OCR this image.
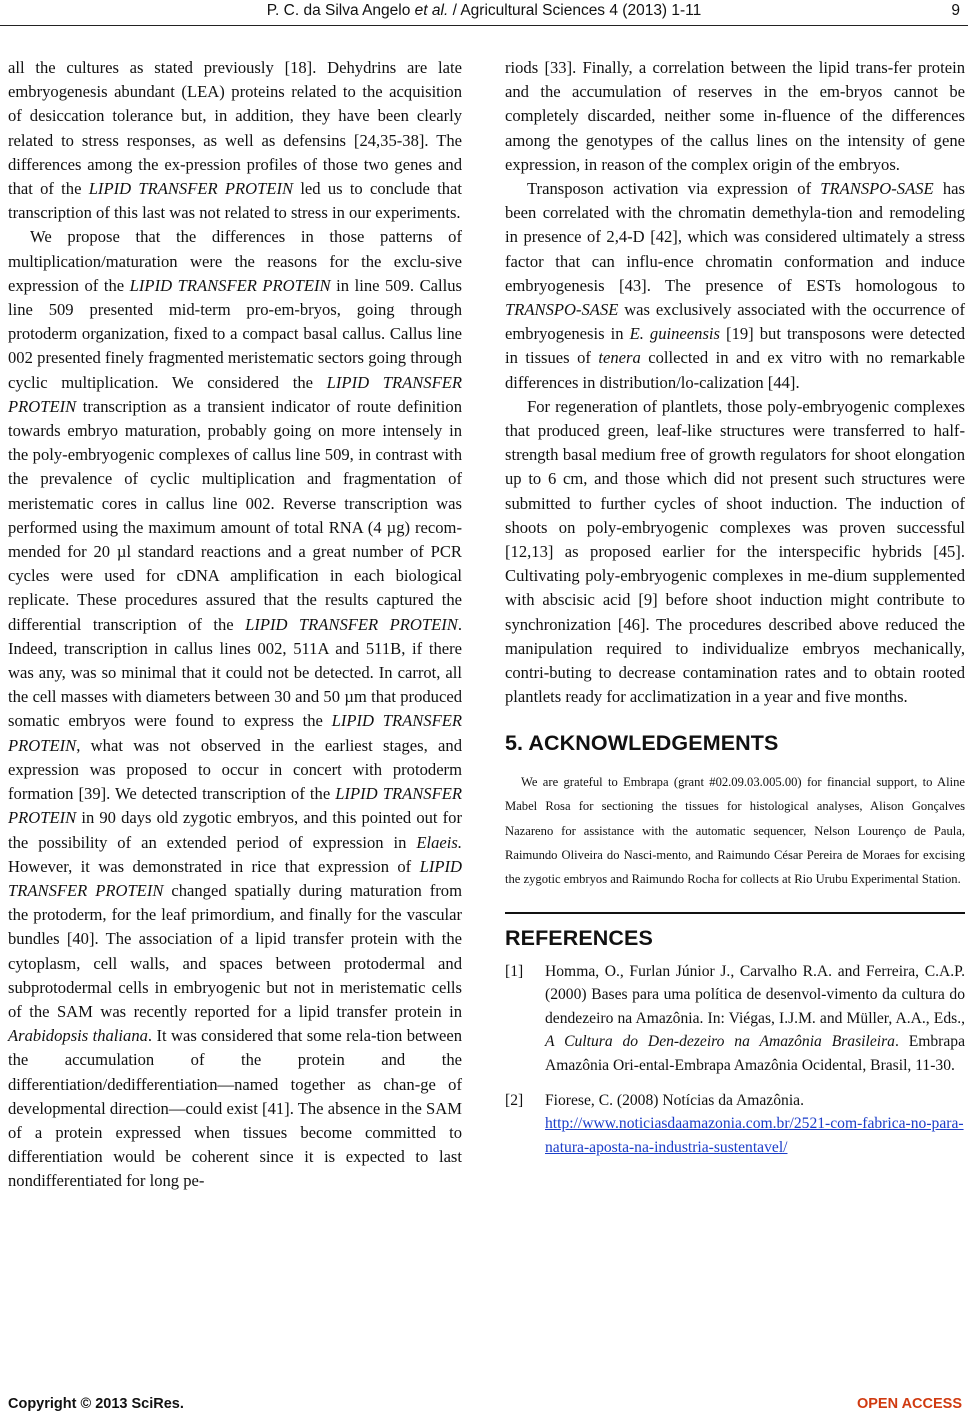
P. C. da Silva Angelo et al. / Agricultural Sciences 4 (2013) 1-11	9

all the cultures as stated previously [18]. Dehydrins are late embryogenesis abundant (LEA) proteins related to the acquisition of desiccation tolerance but, in addition, they have been clearly related to stress responses, as well as defensins [24,35-38]. The differences among the ex-pression profiles of those two genes and that of the LIPID TRANSFER PROTEIN led us to conclude that transcription of this last was not related to stress in our experiments.

We propose that the differences in those patterns of multiplication/maturation were the reasons for the exclu-sive expression of the LIPID TRANSFER PROTEIN in line 509. Callus line 509 presented mid-term pro-em-bryos, going through protoderm organization, fixed to a compact basal callus. Callus line 002 presented finely fragmented meristematic sectors going through cyclic multiplication. We considered the LIPID TRANSFER PROTEIN transcription as a transient indicator of route definition towards embryo maturation, probably going on more intensely in the poly-embryogenic complexes of callus line 509, in contrast with the prevalence of cyclic multiplication and fragmentation of meristematic cores in callus line 002. Reverse transcription was performed using the maximum amount of total RNA (4 µg) recom-mended for 20 µl standard reactions and a great number of PCR cycles were used for cDNA amplification in each biological replicate. These procedures assured that the results captured the differential transcription of the LIPID TRANSFER PROTEIN. Indeed, transcription in callus lines 002, 511A and 511B, if there was any, was so minimal that it could not be detected. In carrot, all the cell masses with diameters between 30 and 50 µm that produced somatic embryos were found to express the LIPID TRANSFER PROTEIN, what was not observed in the earliest stages, and expression was proposed to occur in concert with protoderm formation [39]. We detected transcription of the LIPID TRANSFER PROTEIN in 90 days old zygotic embryos, and this pointed out for the possibility of an extended period of expression in Elaeis. However, it was demonstrated in rice that expression of LIPID TRANSFER PROTEIN changed spatially during maturation from the protoderm, for the leaf primordium, and finally for the vascular bundles [40]. The association of a lipid transfer protein with the cytoplasm, cell walls, and spaces between protodermal and subprotodermal cells in embryogenic but not in meristematic cells of the SAM was recently reported for a lipid transfer protein in Arabidopsis thaliana. It was considered that some rela-tion between the accumulation of the protein and the differentiation/dedifferentiation—named together as chan-ge of developmental direction—could exist [41]. The absence in the SAM of a protein expressed when tissues become committed to differentiation would be coherent since it is expected to last nondifferentiated for long pe-

riods [33]. Finally, a correlation between the lipid trans-fer protein and the accumulation of reserves in the em-bryos cannot be completely discarded, neither some in-fluence of the differences among the genotypes of the callus lines on the intensity of gene expression, in reason of the complex origin of the embryos.

Transposon activation via expression of TRANSPO-SASE has been correlated with the chromatin demethyla-tion and remodeling in presence of 2,4-D [42], which was considered ultimately a stress factor that can influ-ence chromatin conformation and induce embryogenesis [43]. The presence of ESTs homologous to TRANSPO-SASE was exclusively associated with the occurrence of embryogenesis in E. guineensis [19] but transposons were detected in tissues of tenera collected in and ex vitro with no remarkable differences in distribution/lo-calization [44].

For regeneration of plantlets, those poly-embryogenic complexes that produced green, leaf-like structures were transferred to half-strength basal medium free of growth regulators for shoot elongation up to 6 cm, and those which did not present such structures were submitted to further cycles of shoot induction. The induction of shoots on poly-embryogenic complexes was proven successful [12,13] as proposed earlier for the interspecific hybrids [45]. Cultivating poly-embryogenic complexes in me-dium supplemented with abscisic acid [9] before shoot induction might contribute to synchronization [46]. The procedures described above reduced the manipulation required to individualize embryos mechanically, contri-buting to decrease contamination rates and to obtain rooted plantlets ready for acclimatization in a year and five months.

5. ACKNOWLEDGEMENTS
We are grateful to Embrapa (grant #02.09.03.005.00) for financial support, to Aline Mabel Rosa for sectioning the tissues for histological analyses, Alison Gonçalves Nazareno for assistance with the automatic sequencer, Nelson Lourenço de Paula, Raimundo Oliveira do Nasci-mento, and Raimundo César Pereira de Moraes for excising the zygotic embryos and Raimundo Rocha for collects at Rio Urubu Experimental Station.
REFERENCES
[1]	Homma, O., Furlan Júnior J., Carvalho R.A. and Ferreira, C.A.P. (2000) Bases para uma política de desenvol-vimento da cultura do dendezeiro na Amazônia. In: Viégas, I.J.M. and Müller, A.A., Eds., A Cultura do Den-dezeiro na Amazônia Brasileira. Embrapa Amazônia Ori-ental-Embrapa Amazônia Ocidental, Brasil, 11-30.
[2]	Fiorese, C. (2008) Notícias da Amazônia.
http://www.noticiasdaamazonia.com.br/2521-com-fabrica-no-para-natura-aposta-na-industria-sustentavel/
Copyright © 2013 SciRes.	OPEN ACCESS
